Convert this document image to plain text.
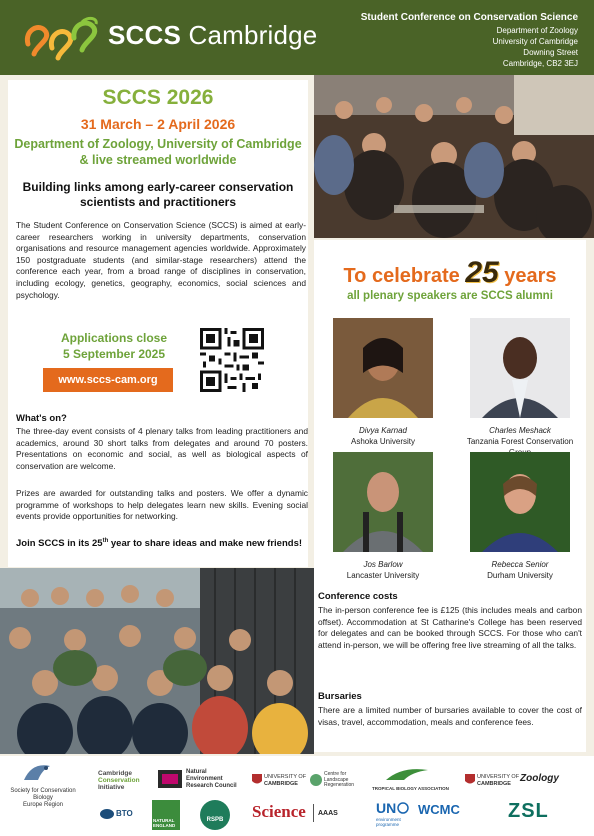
SCCS Cambridge
Student Conference on Conservation Science
Department of Zoology
University of Cambridge
Downing Street
Cambridge, CB2 3EJ
SCCS 2026
31 March – 2 April 2026
Department of Zoology, University of Cambridge
& live streamed worldwide
Building links among early-career conservation
scientists and practitioners
The Student Conference on Conservation Science (SCCS) is aimed at early-career researchers working in university departments, conservation organisations and resource management agencies worldwide. Approximately 150 postgraduate students (and similar-stage researchers) attend the conference each year, from a broad range of disciplines in conservation, including ecology, genetics, geography, economics, social sciences and psychology.
Applications close
5 September 2025
www.sccs-cam.org
What's on?
The three-day event consists of 4 plenary talks from leading practitioners and academics, around 30 short talks from delegates and around 70 posters. Presentations on economic and social, as well as biological aspects of conservation are welcome.
Prizes are awarded for outstanding talks and posters. We offer a dynamic programme of workshops to help delegates learn new skills. Evening social events provide opportunities for networking.
Join SCCS in its 25th year to share ideas and make new friends!
To celebrate 25 years
all plenary speakers are SCCS alumni
Divya Karnad
Ashoka University
Charles Meshack
Tanzania Forest Conservation
Jos Barlow
Lancaster University
Rebecca Senior
Durham University
Conference costs
The in-person conference fee is £125 (this includes meals and carbon offset). Accommodation at St Catharine's College has been reserved for delegates and can be booked through SCCS. For those who can't attend in-person, we will be offering free live streaming of all the talks.
Bursaries
There are a limited number of bursaries available to cover the cost of visas, travel, accommodation, meals and conference fees.
Society for Conservation Biology
Europe Region
Cambridge
Conservation
Initiative
Natural
Environment
Research Council
UNIVERSITY OF
CAMBRIDGE
Centre for
Landscape
Regeneration
TROPICAL BIOLOGY ASSOCIATION
UNIVERSITY OF
CAMBRIDGE Zoology
BTO
NATURAL
ENGLAND
RSPB	Science AAAS	UN
environment
programme
WCMC ZSL
